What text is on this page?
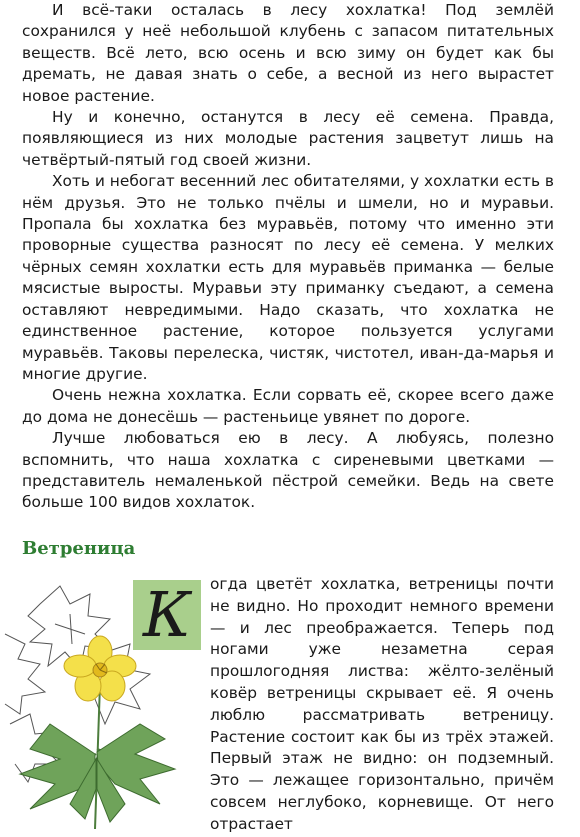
И всё-таки осталась в лесу хохлатка! Под землёй сохранился у неё небольшой клубень с запасом питательных веществ. Всё лето, всю осень и всю зиму он будет как бы дремать, не давая знать о себе, а весной из него вырастет новое растение.

Ну и конечно, останутся в лесу её семена. Правда, появляющиеся из них молодые растения зацветут лишь на четвёртый-пятый год своей жизни.

Хоть и небогат весенний лес обитателями, у хохлатки есть в нём друзья. Это не только пчёлы и шмели, но и муравьи. Пропала бы хохлатка без муравьёв, потому что именно эти проворные существа разносят по лесу её семена. У мелких чёрных семян хохлатки есть для муравьёв приманка — белые мясистые выросты. Муравьи эту приманку съедают, а семена оставляют невредимыми. Надо сказать, что хохлатка не единственное растение, которое пользуется услугами муравьёв. Таковы перелеска, чистяк, чистотел, иван-да-марья и многие другие.

Очень нежна хохлатка. Если сорвать её, скорее всего даже до дома не донесёшь — растеньице увянет по дороге.

Лучше любоваться ею в лесу. А любуясь, полезно вспомнить, что наша хохлатка с сиреневыми цветками — представитель немаленькой пёстрой семейки. Ведь на свете больше 100 видов хохлаток.

Ветреница
К огда цветёт хохлатка, ветреницы почти не видно. Но проходит немного времени — и лес преображается. Теперь под ногами уже незаметна серая прошлогодняя листва: жёлто-зелёный ковёр ветреницы скрывает её. Я очень люблю рассматривать ветреницу. Растение состоит как бы из трёх этажей. Первый этаж не видно: он подземный. Это — лежащее горизонтально, причём совсем неглубоко, корневище. От него отрастает
